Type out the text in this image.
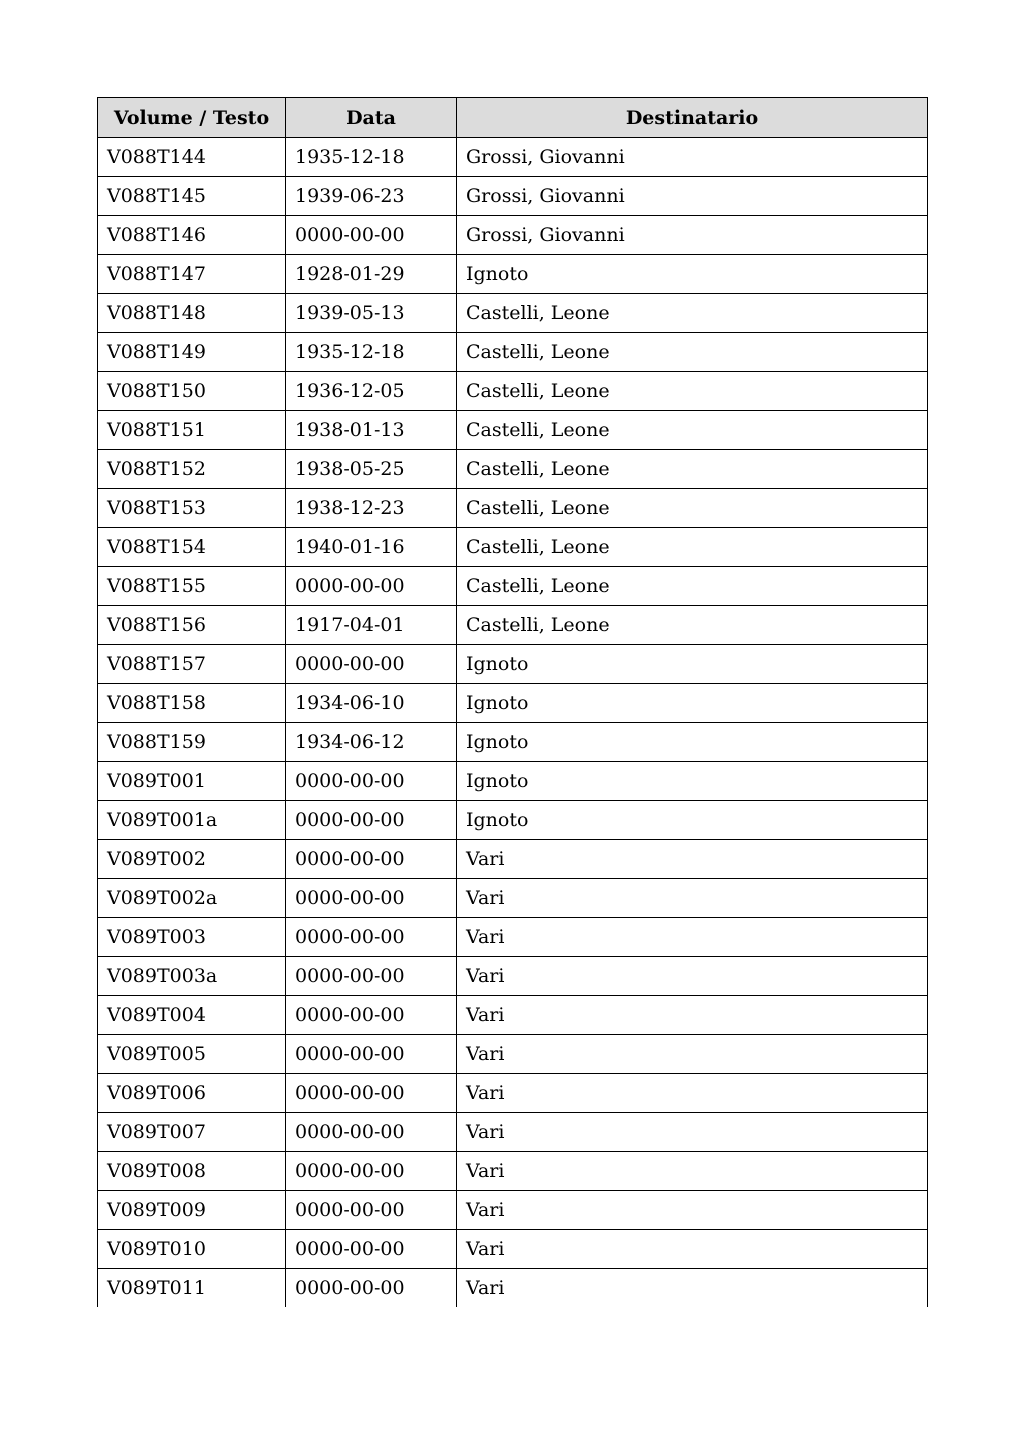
Volume / Testo	Data	Destinatario
V088T144	1935-12-18	Grossi, Giovanni
V088T145	1939-06-23	Grossi, Giovanni
V088T146	0000-00-00	Grossi, Giovanni
V088T147	1928-01-29	Ignoto
V088T148	1939-05-13	Castelli, Leone
V088T149	1935-12-18	Castelli, Leone
V088T150	1936-12-05	Castelli, Leone
V088T151	1938-01-13	Castelli, Leone
V088T152	1938-05-25	Castelli, Leone
V088T153	1938-12-23	Castelli, Leone
V088T154	1940-01-16	Castelli, Leone
V088T155	0000-00-00	Castelli, Leone
V088T156	1917-04-01	Castelli, Leone
V088T157	0000-00-00	Ignoto
V088T158	1934-06-10	Ignoto
V088T159	1934-06-12	Ignoto
V089T001	0000-00-00	Ignoto
V089T001a	0000-00-00	Ignoto
V089T002	0000-00-00	Vari
V089T002a	0000-00-00	Vari
V089T003	0000-00-00	Vari
V089T003a	0000-00-00	Vari
V089T004	0000-00-00	Vari
V089T005	0000-00-00	Vari
V089T006	0000-00-00	Vari
V089T007	0000-00-00	Vari
V089T008	0000-00-00	Vari
V089T009	0000-00-00	Vari
V089T010	0000-00-00	Vari
V089T011	0000-00-00	Vari
